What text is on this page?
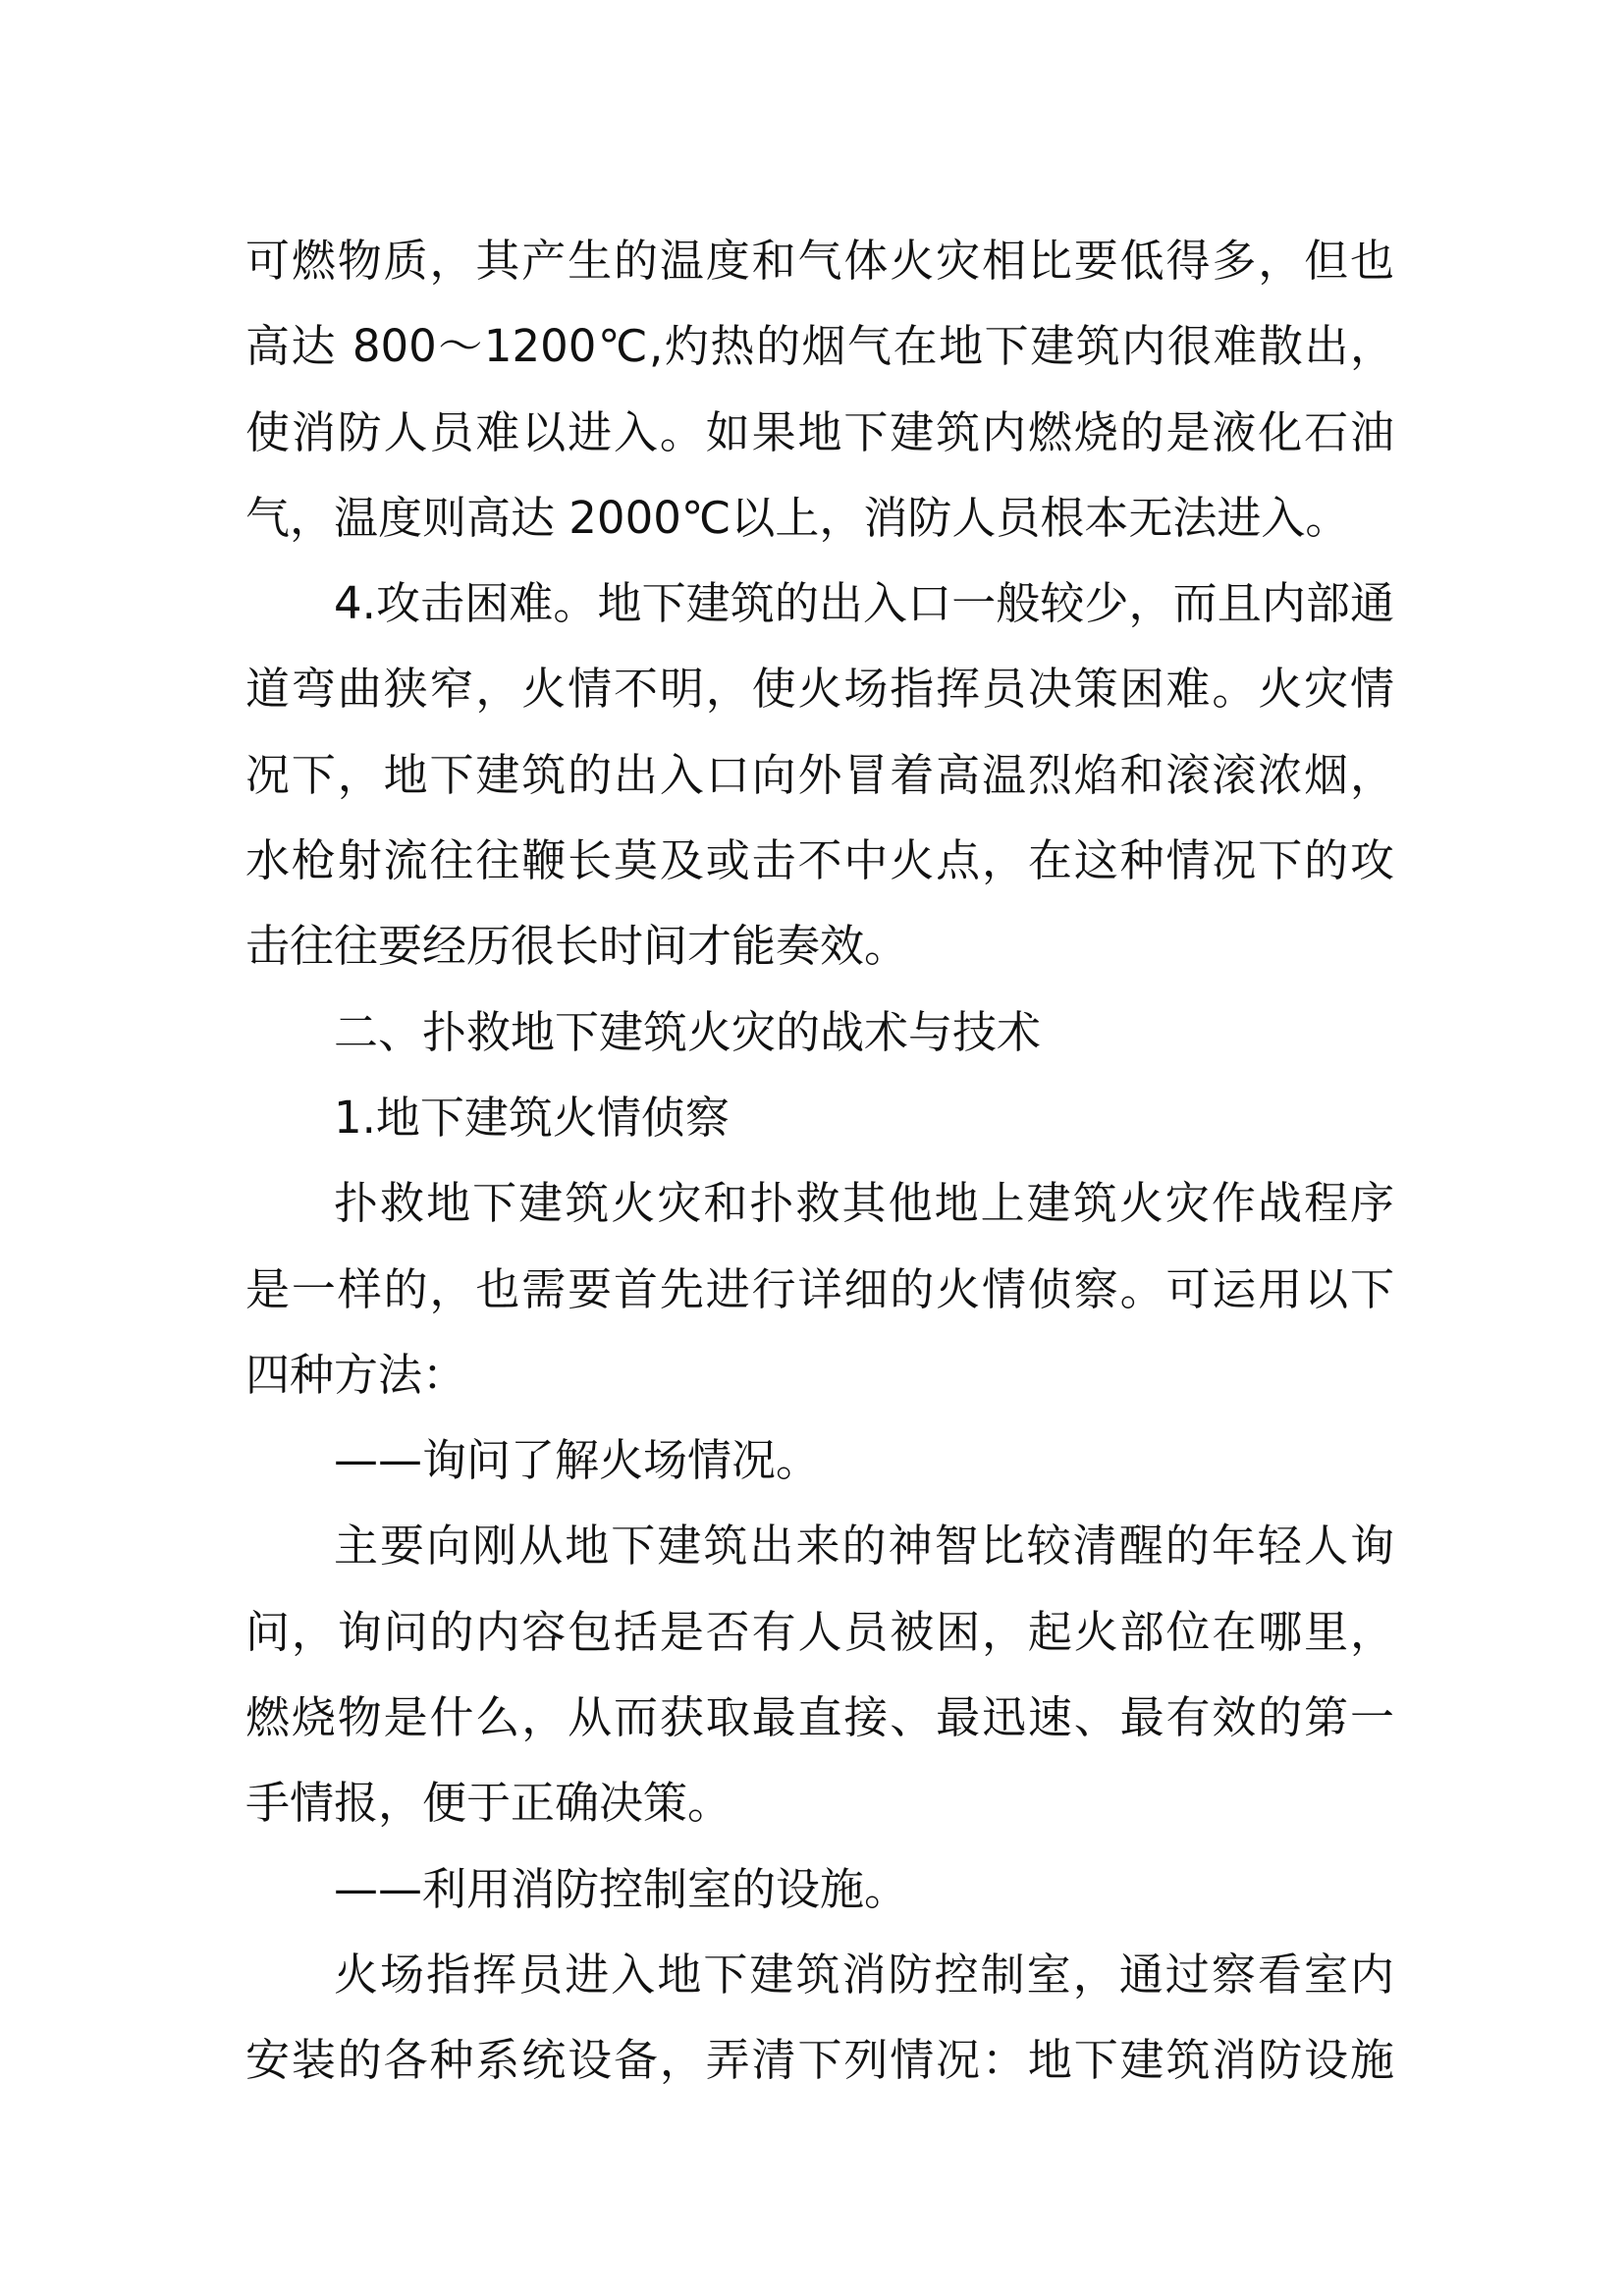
可燃物质，其产生的温度和气体火灾相比要低得多，但也
高达 800～1200℃,灼热的烟气在地下建筑内很难散出，
使消防人员难以进入。如果地下建筑内燃烧的是液化石油
气，温度则高达 2000℃以上，消防人员根本无法进入。
4.攻击困难。地下建筑的出入口一般较少，而且内部通
道弯曲狭窄，火情不明，使火场指挥员决策困难。火灾情
况下，地下建筑的出入口向外冒着高温烈焰和滚滚浓烟，
水枪射流往往鞭长莫及或击不中火点，在这种情况下的攻
击往往要经历很长时间才能奏效。
二、扑救地下建筑火灾的战术与技术
1.地下建筑火情侦察
扑救地下建筑火灾和扑救其他地上建筑火灾作战程序
是一样的，也需要首先进行详细的火情侦察。可运用以下
四种方法：
——询问了解火场情况。
主要向刚从地下建筑出来的神智比较清醒的年轻人询
问，询问的内容包括是否有人员被困，起火部位在哪里，
燃烧物是什么，从而获取最直接、最迅速、最有效的第一
手情报，便于正确决策。
——利用消防控制室的设施。
火场指挥员进入地下建筑消防控制室，通过察看室内
安装的各种系统设备，弄清下列情况：地下建筑消防设施
